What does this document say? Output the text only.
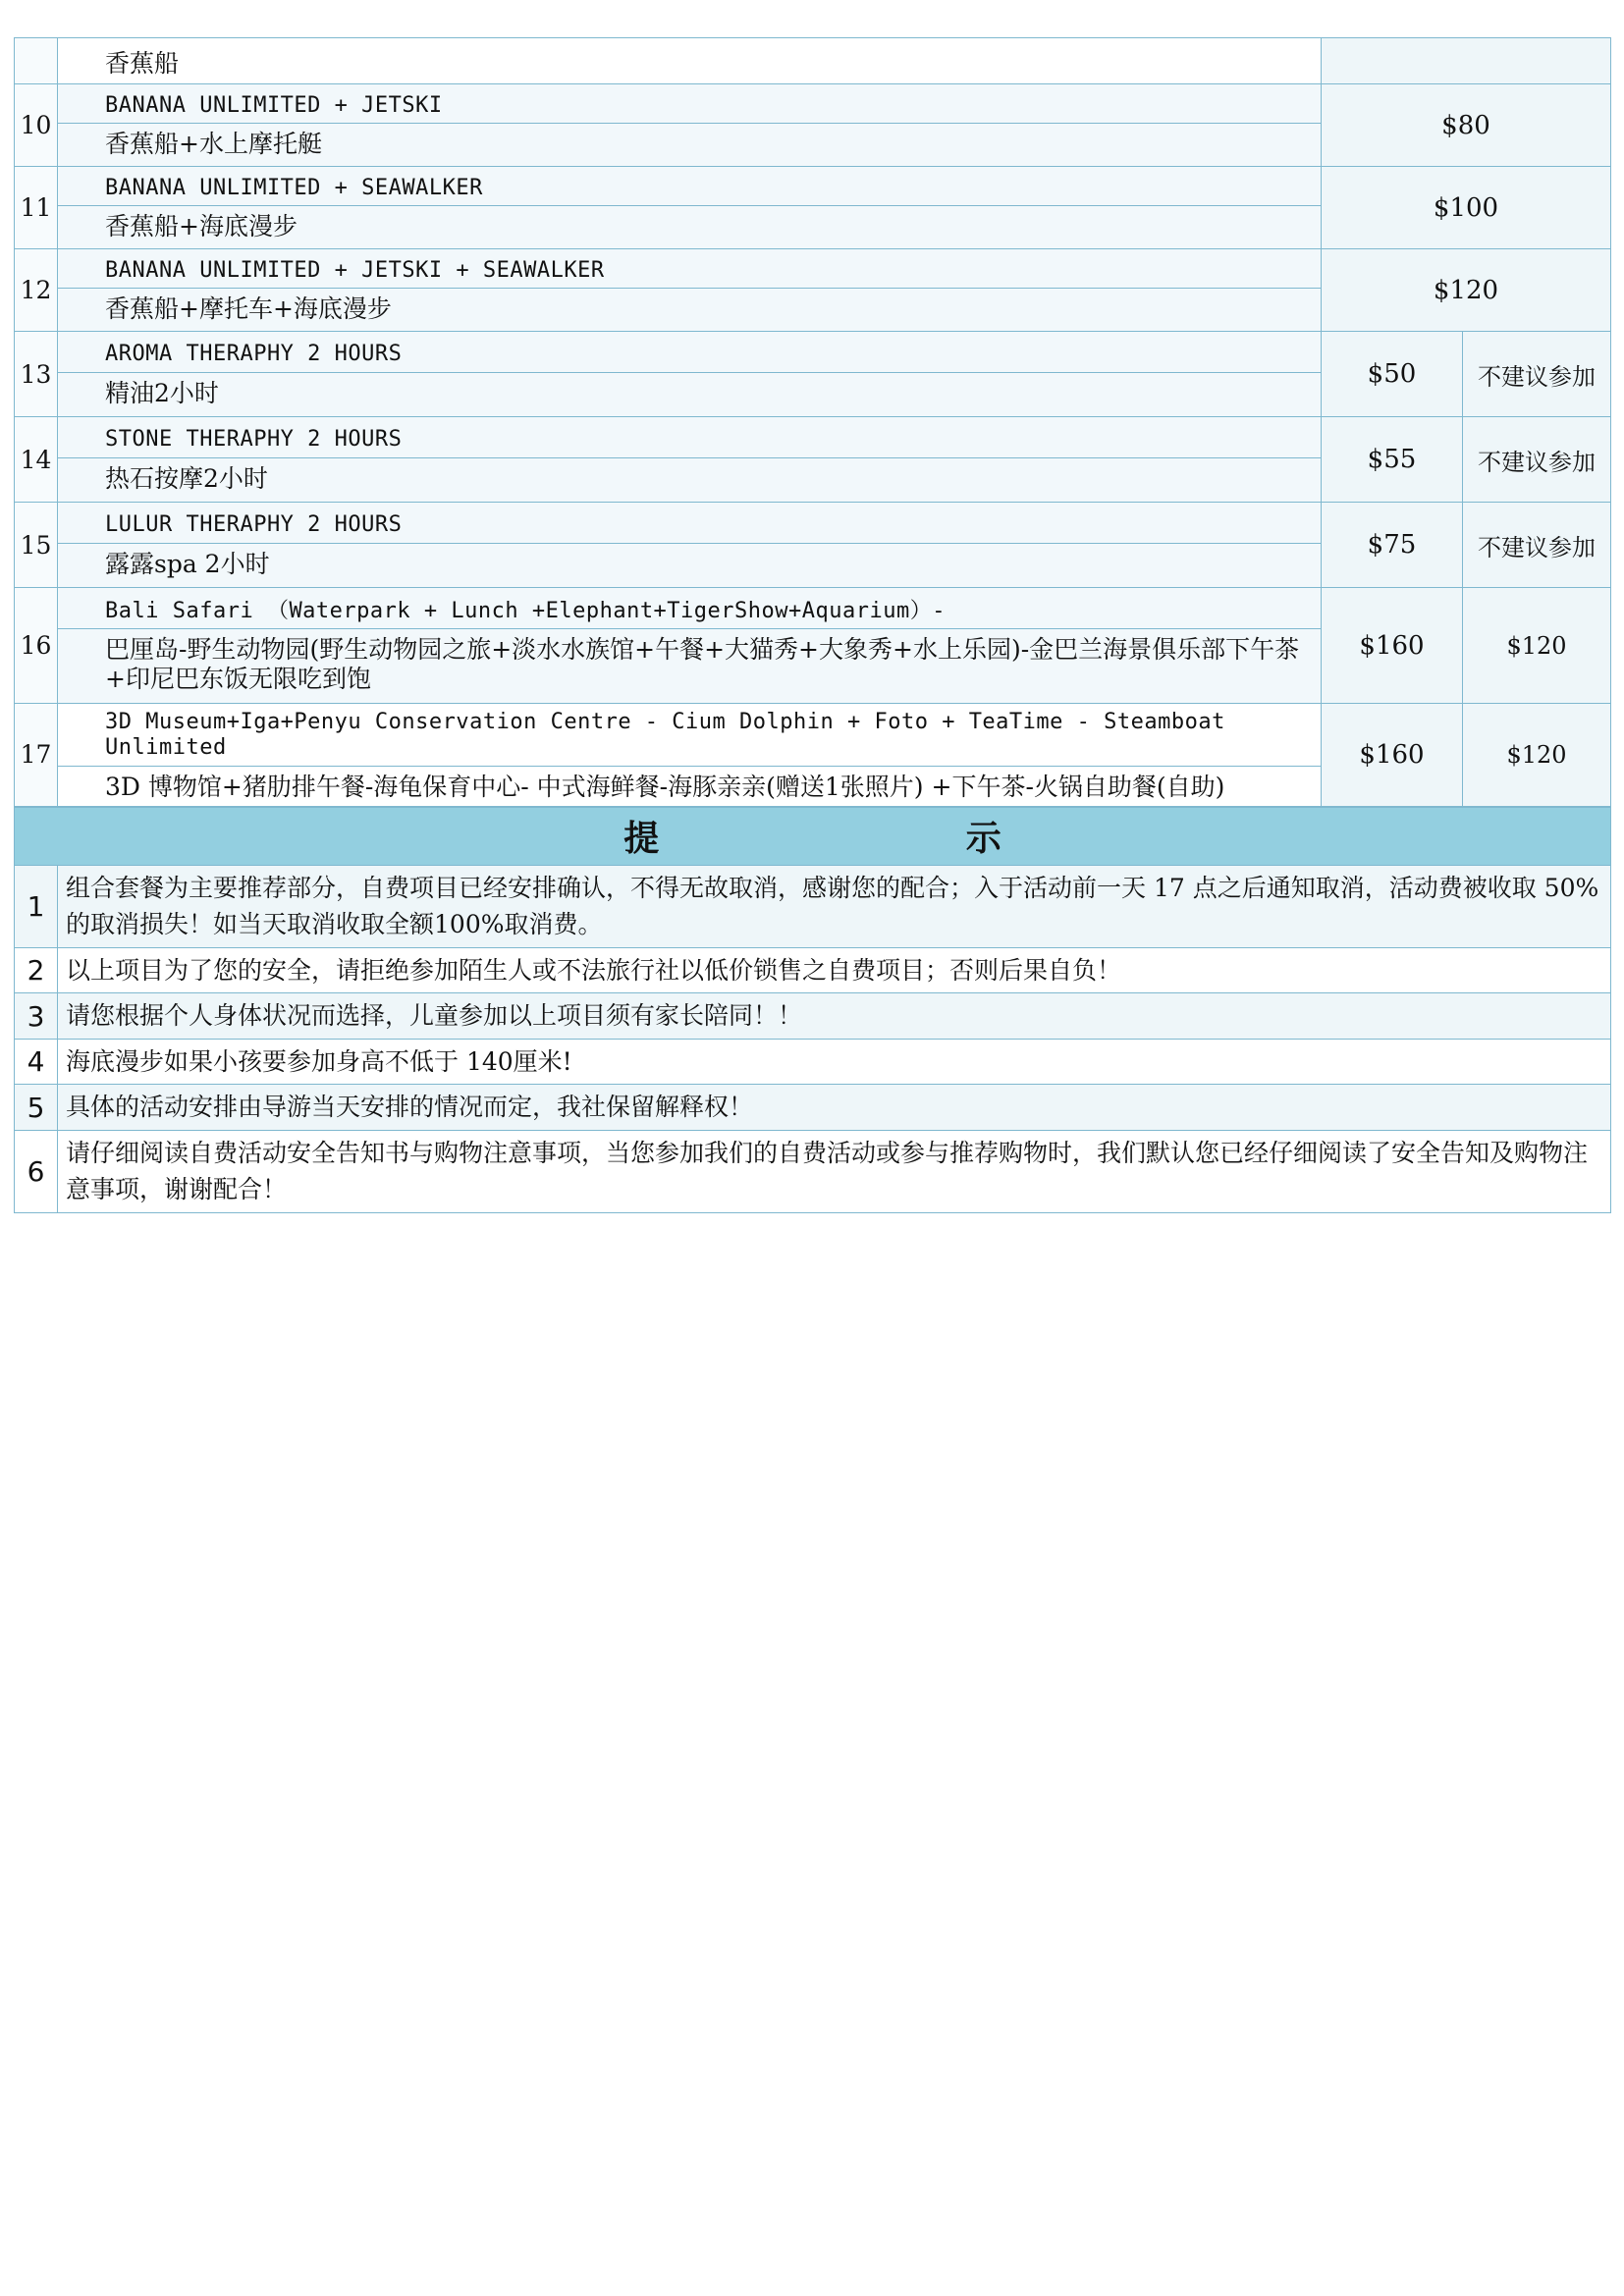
	香蕉船		

10	BANANA UNLIMITED + JETSKI
香蕉船+水上摩托艇	$80	
11	BANANA UNLIMITED + SEAWALKER
香蕉船+海底漫步	$100	
12	BANANA UNLIMITED + JETSKI + SEAWALKER
香蕉船+摩托车+海底漫步	$120	
13	AROMA THERAPHY 2 HOURS
精油2小时	$50	不建议参加
14	STONE THERAPHY 2 HOURS
热石按摩2小时	$55	不建议参加
15	LULUR THERAPHY 2 HOURS
露露spa 2小时	$75	不建议参加
16	Bali Safari （Waterpark + Lunch +Elephant+TigerShow+Aquarium）-
巴厘岛-野生动物园(野生动物园之旅+淡水水族馆+午餐+大猫秀+大象秀+水上乐园)-金巴兰海景俱乐部下午茶+印尼巴东饭无限吃到饱	$160	$120
17	3D Museum+Iga+Penyu Conservation Centre - Cium Dolphin + Foto + TeaTime - Steamboat Unlimited
3D 博物馆+猪肋排午餐-海龟保育中心- 中式海鲜餐-海豚亲亲(赠送1张照片) +下午茶-火锅自助餐(自助)	$160	$120
提 示	
1	组合套餐为主要推荐部分，自费项目已经安排确认，不得无故取消，感谢您的配合；入于活动前一天 17 点之后通知取消，活动费被收取 50% 的取消损失！如当天取消收取全额100%取消费。
2	以上项目为了您的安全，请拒绝参加陌生人或不法旅行社以低价锁售之自费项目；否则后果自负！
3	请您根据个人身体状况而选择，儿童参加以上项目须有家长陪同！！
4	海底漫步如果小孩要参加身高不低于 140厘米!
5	具体的活动安排由导游当天安排的情况而定，我社保留解释权！
6	请仔细阅读自费活动安全告知书与购物注意事项，当您参加我们的自费活动或参与推荐购物时，我们默认您已经仔细阅读了安全告知及购物注意事项，谢谢配合！
